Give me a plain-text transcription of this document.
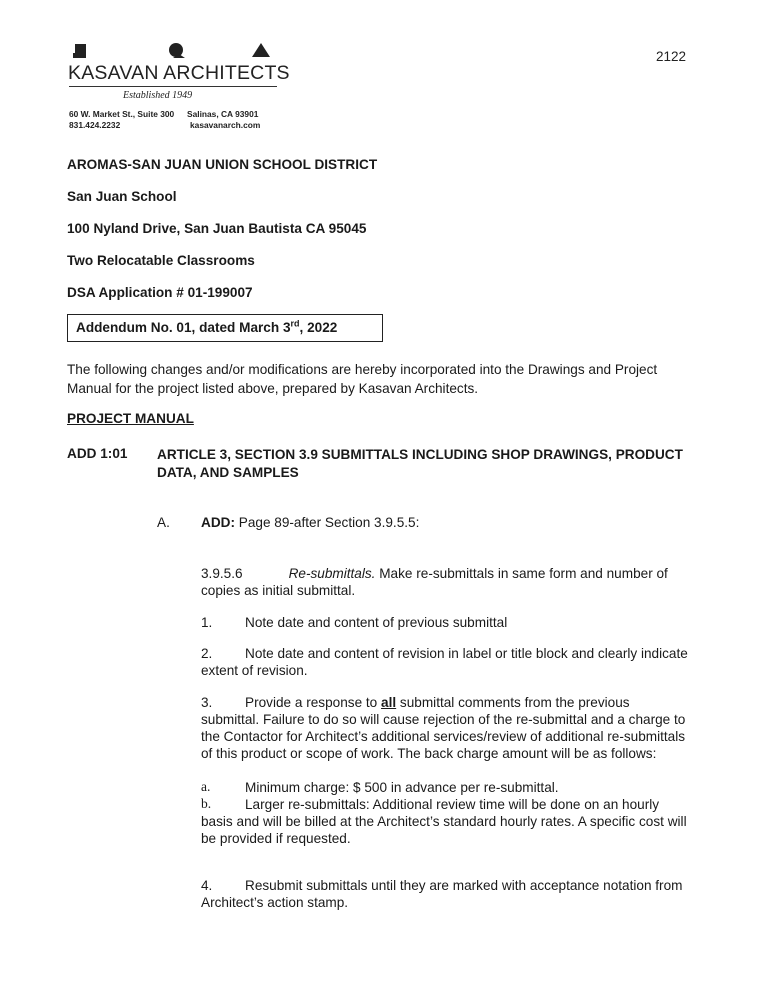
KASAVAN ARCHITECTS
Established 1949
60 W. Market St., Suite 300
831.424.2232
Salinas, CA 93901
kasavanarch.com
2122
AROMAS-SAN JUAN UNION SCHOOL DISTRICT
San Juan School
100 Nyland Drive, San Juan Bautista CA 95045
Two Relocatable Classrooms
DSA Application # 01-199007
Addendum No. 01, dated March 3rd, 2022
The following changes and/or modifications are hereby incorporated into the Drawings and Project
Manual for the project listed above, prepared by Kasavan Architects.
PROJECT MANUAL
ADD 1:01 ARTICLE 3, SECTION 3.9 SUBMITTALS INCLUDING SHOP DRAWINGS, PRODUCT
DATA, AND SAMPLES
A. ADD: Page 89-after Section 3.9.5.5:
3.9.5.6	Re-submittals. Make re-submittals in same form and number of
copies as initial submittal.
1. Note date and content of previous submittal
2. Note date and content of revision in label or title block and clearly indicate
extent of revision.
3. Provide a response to all submittal comments from the previous
submittal. Failure to do so will cause rejection of the re-submittal and a charge to
the Contactor for Architect’s additional services/review of additional re-submittals
of this product or scope of work. The back charge amount will be as follows:
a.	Minimum charge: $ 500 in advance per re-submittal.
b. Larger re-submittals: Additional review time will be done on an hourly
basis and will be billed at the Architect’s standard hourly rates. A specific cost will
be provided if requested.
4. Resubmit submittals until they are marked with acceptance notation from
Architect’s action stamp.
